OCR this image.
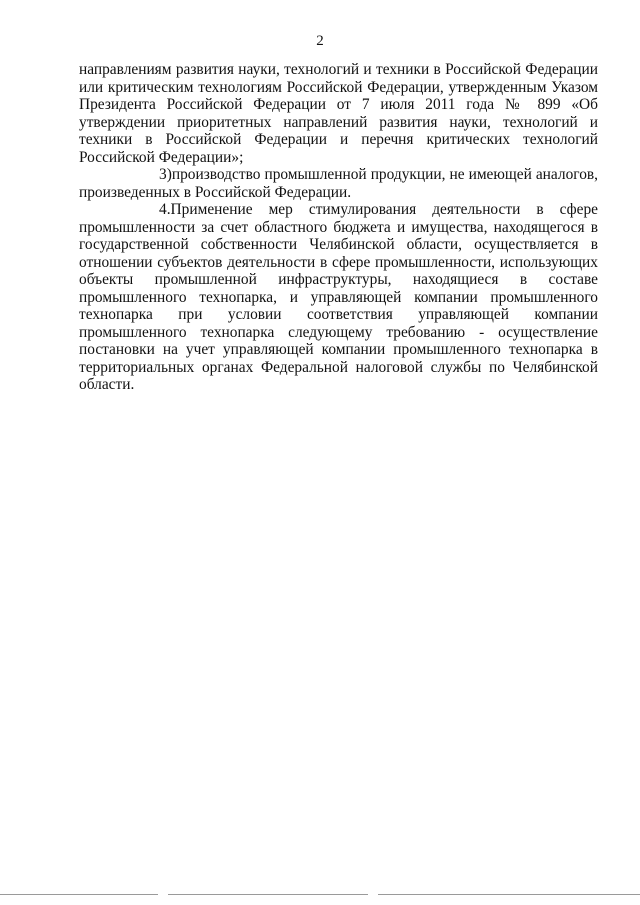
2

направлениям развития науки, технологий и техники в Российской Федерации или критическим технологиям Российской Федерации, утвержденным Указом Президента Российской Федерации от 7 июля 2011 года № 899 «Об утверждении приоритетных направлений развития науки, технологий и техники в Российской Федерации и перечня критических технологий Российской Федерации»;

3)производство промышленной продукции, не имеющей аналогов, произведенных в Российской Федерации.

4.Применение мер стимулирования деятельности в сфере промышленности за счет областного бюджета и имущества, находящегося в государственной собственности Челябинской области, осуществляется в отношении субъектов деятельности в сфере промышленности, использующих объекты промышленной инфраструктуры, находящиеся в составе промышленного технопарка, и управляющей компании промышленного технопарка при условии соответствия управляющей компании промышленного технопарка следующему требованию - осуществление постановки на учет управляющей компании промышленного технопарка в территориальных органах Федеральной налоговой службы по Челябинской области.
